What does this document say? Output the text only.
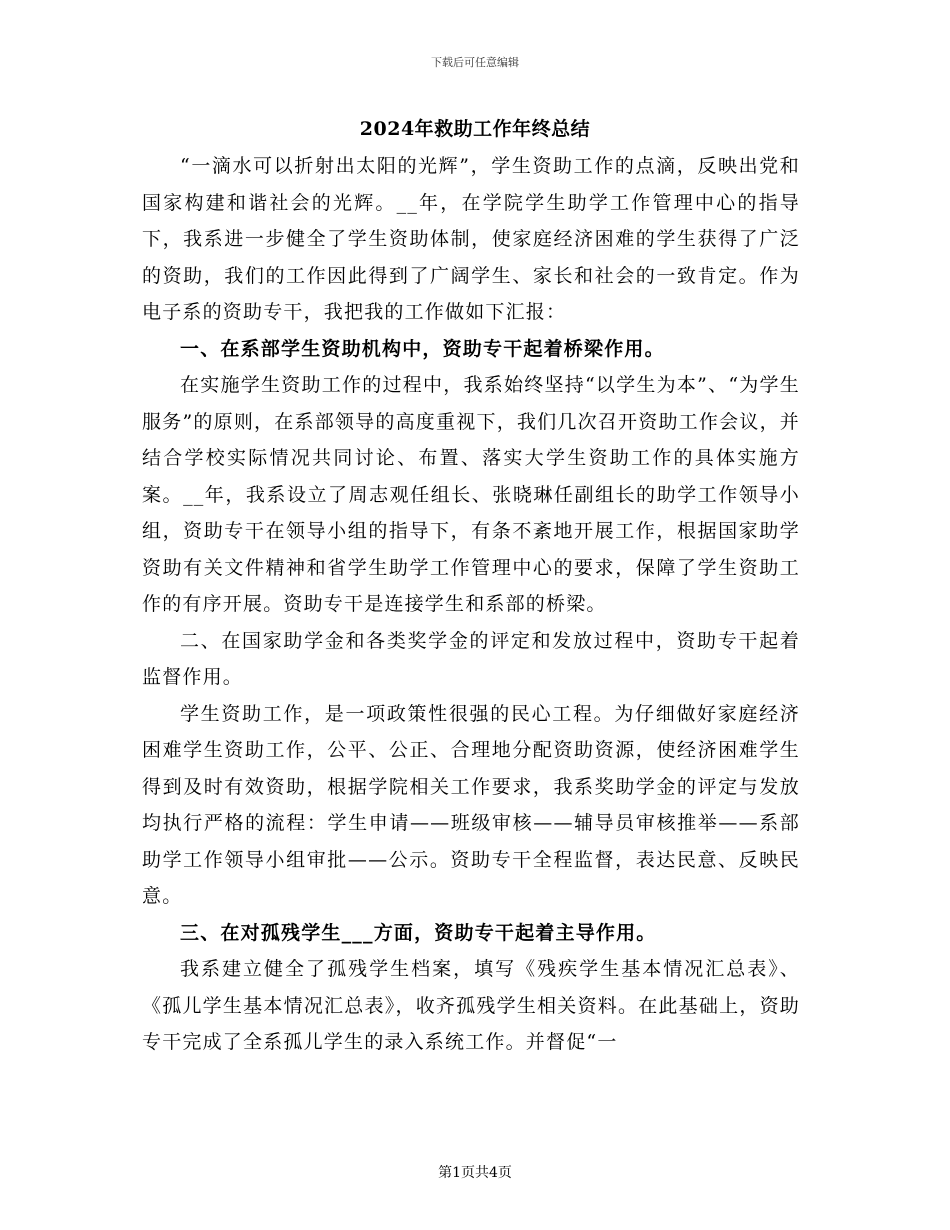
下载后可任意编辑
2024年救助工作年终总结

“一滴水可以折射出太阳的光辉”，学生资助工作的点滴，反映出党和国家构建和谐社会的光辉。__年，在学院学生助学工作管理中心的指导下，我系进一步健全了学生资助体制，使家庭经济困难的学生获得了广泛的资助，我们的工作因此得到了广阔学生、家长和社会的一致肯定。作为电子系的资助专干，我把我的工作做如下汇报：

一、在系部学生资助机构中，资助专干起着桥梁作用。

在实施学生资助工作的过程中，我系始终坚持“以学生为本”、“为学生服务”的原则，在系部领导的高度重视下，我们几次召开资助工作会议，并结合学校实际情况共同讨论、布置、落实大学生资助工作的具体实施方案。__年，我系设立了周志观任组长、张晓琳任副组长的助学工作领导小组，资助专干在领导小组的指导下，有条不紊地开展工作，根据国家助学资助有关文件精神和省学生助学工作管理中心的要求，保障了学生资助工作的有序开展。资助专干是连接学生和系部的桥梁。

二、在国家助学金和各类奖学金的评定和发放过程中，资助专干起着监督作用。

学生资助工作，是一项政策性很强的民心工程。为仔细做好家庭经济困难学生资助工作，公平、公正、合理地分配资助资源，使经济困难学生得到及时有效资助，根据学院相关工作要求，我系奖助学金的评定与发放均执行严格的流程：学生申请——班级审核——辅导员审核推举——系部助学工作领导小组审批——公示。资助专干全程监督，表达民意、反映民意。

三、在对孤残学生___方面，资助专干起着主导作用。

我系建立健全了孤残学生档案，填写《残疾学生基本情况汇总表》、《孤儿学生基本情况汇总表》，收齐孤残学生相关资料。在此基础上，资助专干完成了全系孤儿学生的录入系统工作。并督促“一

第1页共4页
